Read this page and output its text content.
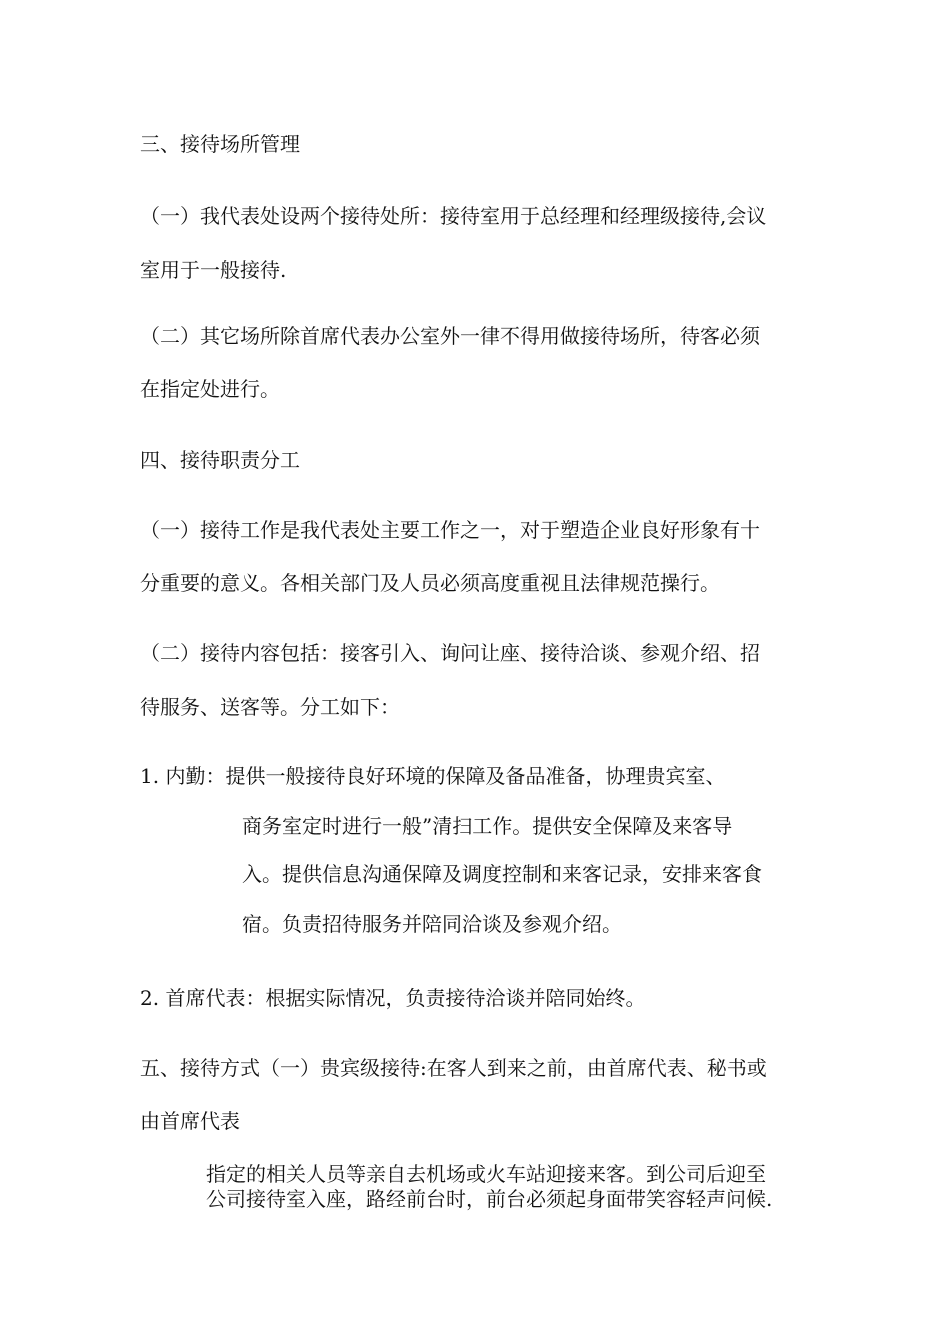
三、接待场所管理
（一）我代表处设两个接待处所：接待室用于总经理和经理级接待,会议
室用于一般接待.
（二）其它场所除首席代表办公室外一律不得用做接待场所，待客必须
在指定处进行。
四、接待职责分工
（一）接待工作是我代表处主要工作之一，对于塑造企业良好形象有十
分重要的意义。各相关部门及人员必须高度重视且法律规范操行。
（二）接待内容包括：接客引入、询问让座、接待洽谈、参观介绍、招
待服务、送客等。分工如下：
1. 内勤：提供一般接待良好环境的保障及备品准备，协理贵宾室、
商务室定时进行一般”清扫工作。提供安全保障及来客导
入。提供信息沟通保障及调度控制和来客记录，安排来客食
宿。负责招待服务并陪同洽谈及参观介绍。
2. 首席代表：根据实际情况，负责接待洽谈并陪同始终。
五、接待方式（一）贵宾级接待:在客人到来之前，由首席代表、秘书或
由首席代表
指定的相关人员等亲自去机场或火车站迎接来客。到公司后迎至
公司接待室入座，路经前台时，前台必须起身面带笑容轻声问候.
